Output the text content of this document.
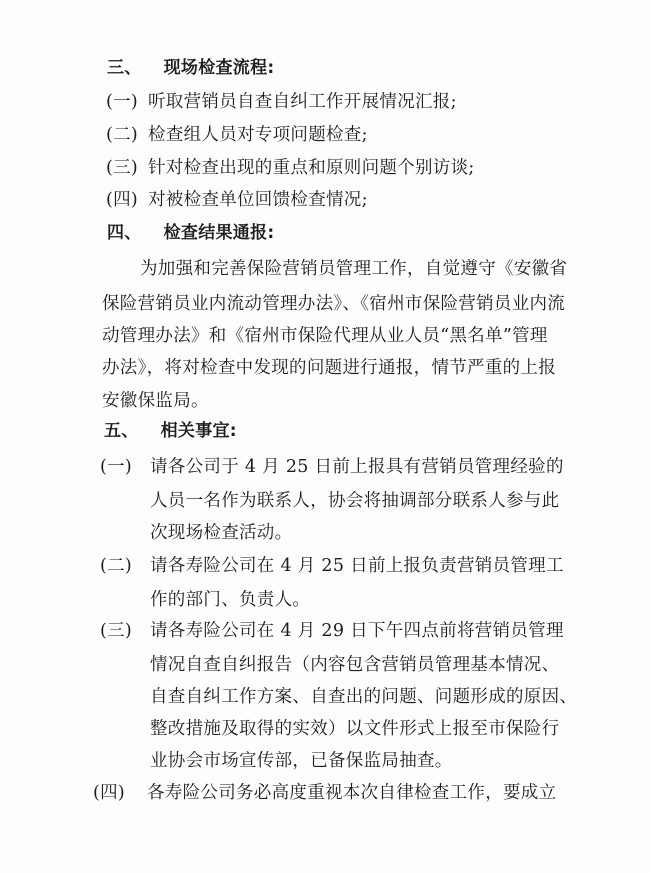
三、 现场检查流程:
(一) 听取营销员自查自纠工作开展情况汇报;
(二) 检查组人员对专项问题检查;
(三) 针对检查出现的重点和原则问题个别访谈;
(四) 对被检查单位回馈检查情况;
四、 检查结果通报:
为加强和完善保险营销员管理工作，自觉遵守《安徽省
保险营销员业内流动管理办法》、《宿州市保险营销员业内流
动管理办法》和《宿州市保险代理从业人员“黑名单”管理
办法》，将对检查中发现的问题进行通报，情节严重的上报
安徽保监局。
五、 相关事宜:
(一) 请各公司于 4 月 25 日前上报具有营销员管理经验的
人员一名作为联系人，协会将抽调部分联系人参与此
次现场检查活动。
(二) 请各寿险公司在 4 月 25 日前上报负责营销员管理工
作的部门、负责人。
(三) 请各寿险公司在 4 月 29 日下午四点前将营销员管理
情况自查自纠报告（内容包含营销员管理基本情况、
自查自纠工作方案、自查出的问题、问题形成的原因、
整改措施及取得的实效）以文件形式上报至市保险行
业协会市场宣传部，已备保监局抽查。
(四) 各寿险公司务必高度重视本次自律检查工作，要成立
